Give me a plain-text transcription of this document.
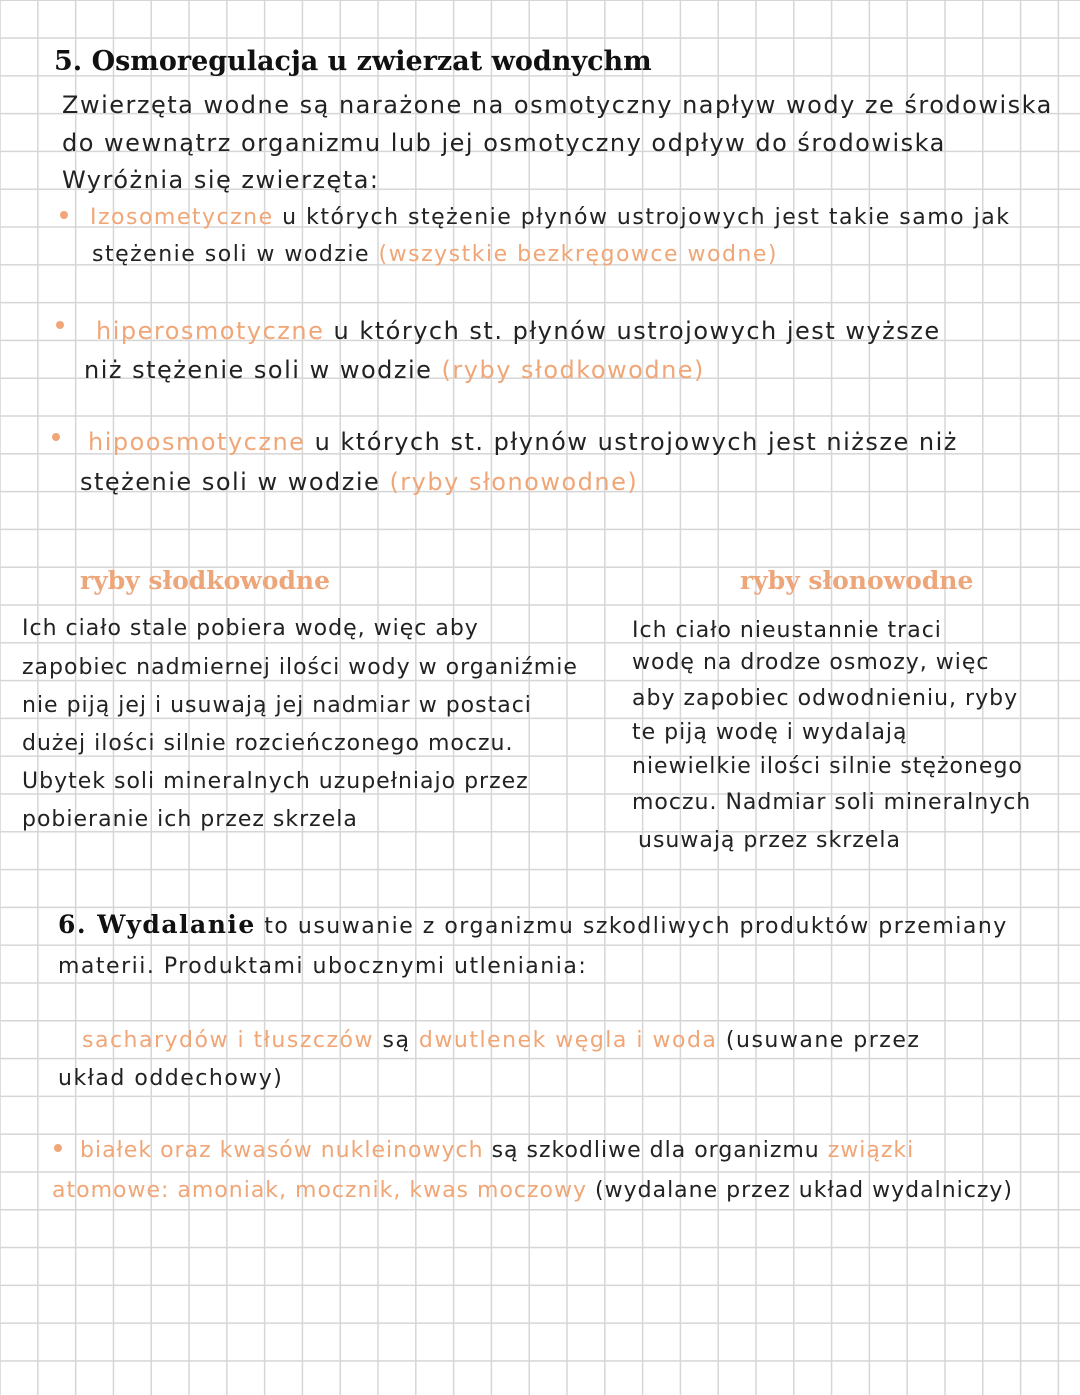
5. Osmoregulacja u zwierzat wodnychm
Zwierzęta wodne są narażone na osmotyczny napływ wody ze środowiska
do wewnątrz organizmu lub jej osmotyczny odpływ do środowiska
Wyróżnia się zwierzęta:
Izosometyczne u których stężenie płynów ustrojowych jest takie samo jak
stężenie soli w wodzie (wszystkie bezkręgowce wodne)
hiperosmotyczne u których st. płynów ustrojowych jest wyższe
niż stężenie soli w wodzie (ryby słodkowodne)
hipoosmotyczne u których st. płynów ustrojowych jest niższe niż
stężenie soli w wodzie (ryby słonowodne)
ryby słodkowodne	ryby słonowodne
Ich ciało stale pobiera wodę, więc aby
zapobiec nadmiernej ilości wody w organiźmie
nie piją jej i usuwają jej nadmiar w postaci
dużej ilości silnie rozcieńczonego moczu.
Ubytek soli mineralnych uzupełniajo przez
pobieranie ich przez skrzela
Ich ciało nieustannie traci
wodę na drodze osmozy, więc
aby zapobiec odwodnieniu, ryby
te piją wodę i wydalają
niewielkie ilości silnie stężonego
moczu. Nadmiar soli mineralnych
usuwają przez skrzela
6. Wydalanie to usuwanie z organizmu szkodliwych produktów przemiany
materii. Produktami ubocznymi utleniania:
sacharydów i tłuszczów są dwutlenek węgla i woda (usuwane przez
układ oddechowy)
białek oraz kwasów nukleinowych są szkodliwe dla organizmu związki
atomowe: amoniak, mocznik, kwas moczowy (wydalane przez układ wydalniczy)
